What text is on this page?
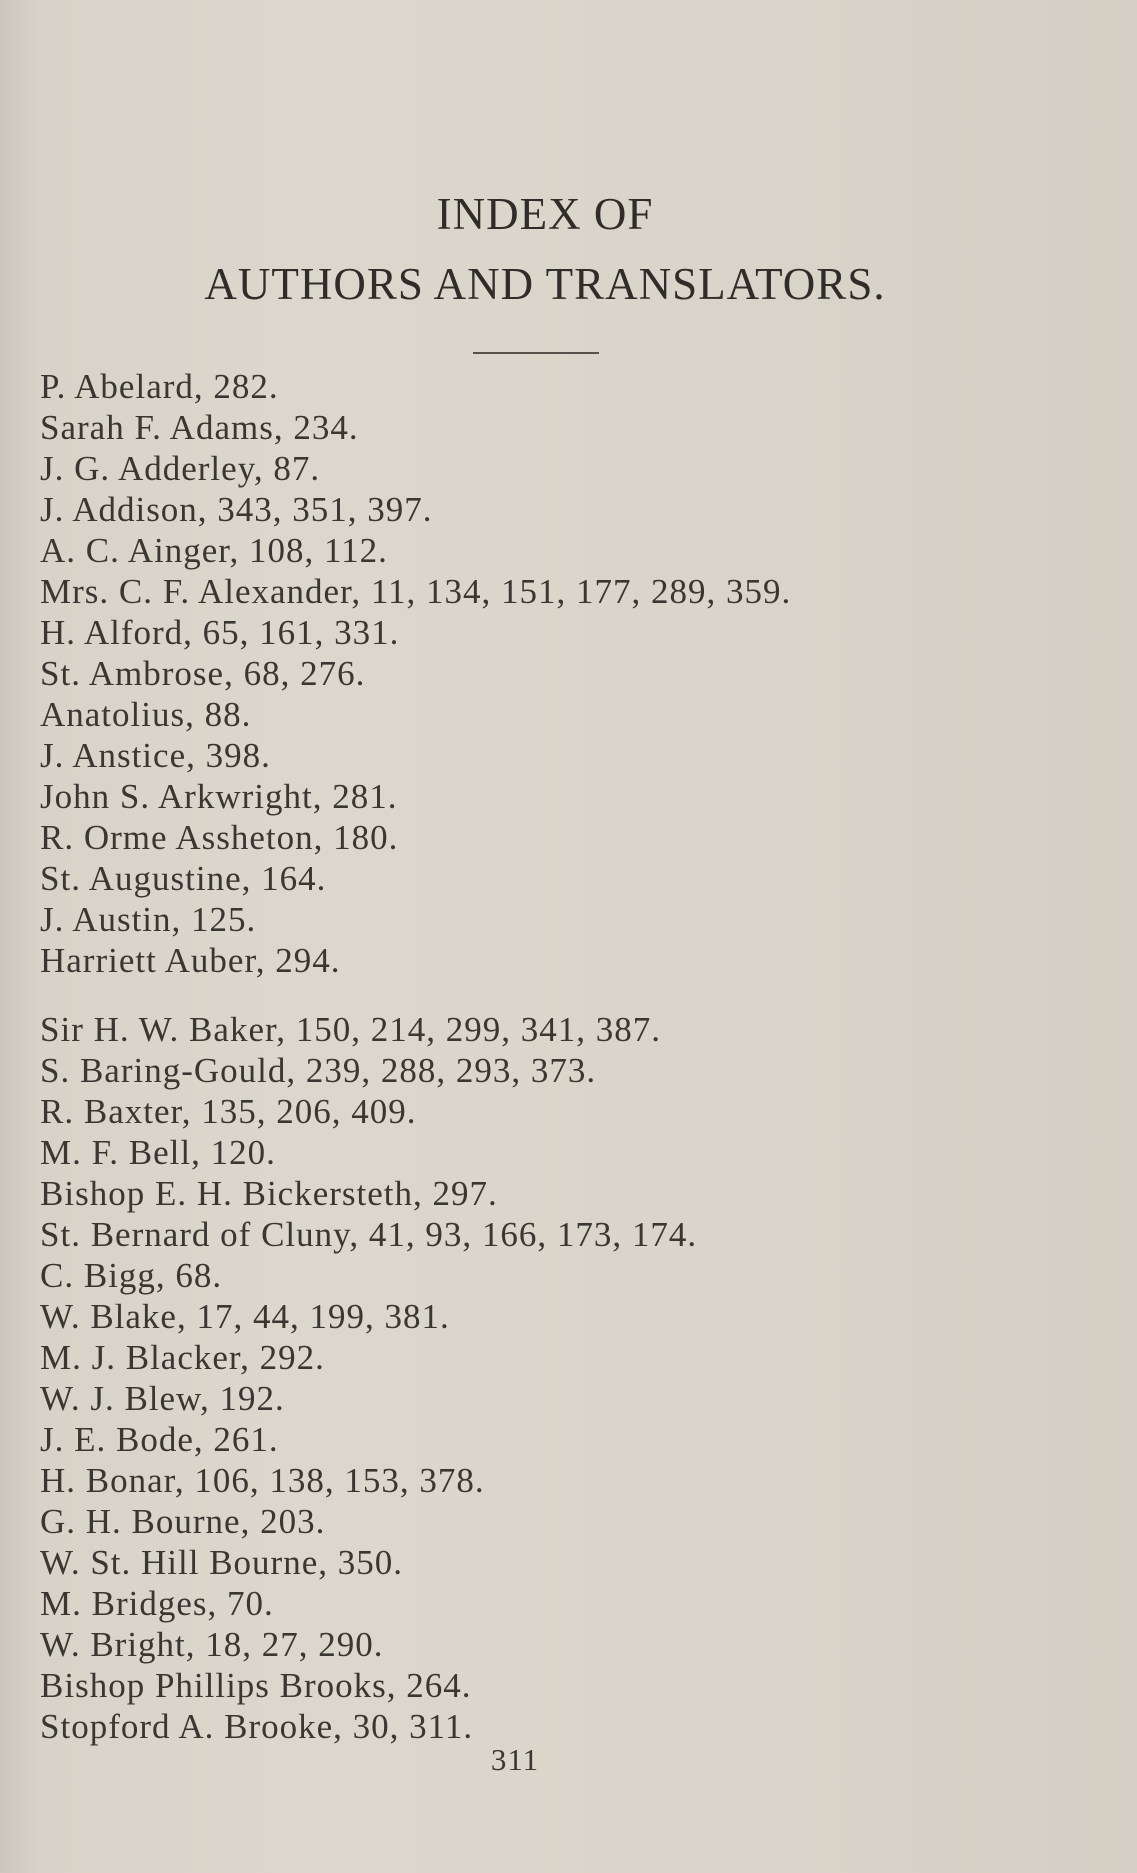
INDEX OF
AUTHORS AND TRANSLATORS.
P. Abelard, 282.
Sarah F. Adams, 234.
J. G. Adderley, 87.
J. Addison, 343, 351, 397.
A. C. Ainger, 108, 112.
Mrs. C. F. Alexander, 11, 134, 151, 177, 289, 359.
H. Alford, 65, 161, 331.
St. Ambrose, 68, 276.
Anatolius, 88.
J. Anstice, 398.
John S. Arkwright, 281.
R. Orme Assheton, 180.
St. Augustine, 164.
J. Austin, 125.
Harriett Auber, 294.
Sir H. W. Baker, 150, 214, 299, 341, 387.
S. Baring-Gould, 239, 288, 293, 373.
R. Baxter, 135, 206, 409.
M. F. Bell, 120.
Bishop E. H. Bickersteth, 297.
St. Bernard of Cluny, 41, 93, 166, 173, 174.
C. Bigg, 68.
W. Blake, 17, 44, 199, 381.
M. J. Blacker, 292.
W. J. Blew, 192.
J. E. Bode, 261.
H. Bonar, 106, 138, 153, 378.
G. H. Bourne, 203.
W. St. Hill Bourne, 350.
M. Bridges, 70.
W. Bright, 18, 27, 290.
Bishop Phillips Brooks, 264.
Stopford A. Brooke, 30, 311.
311
